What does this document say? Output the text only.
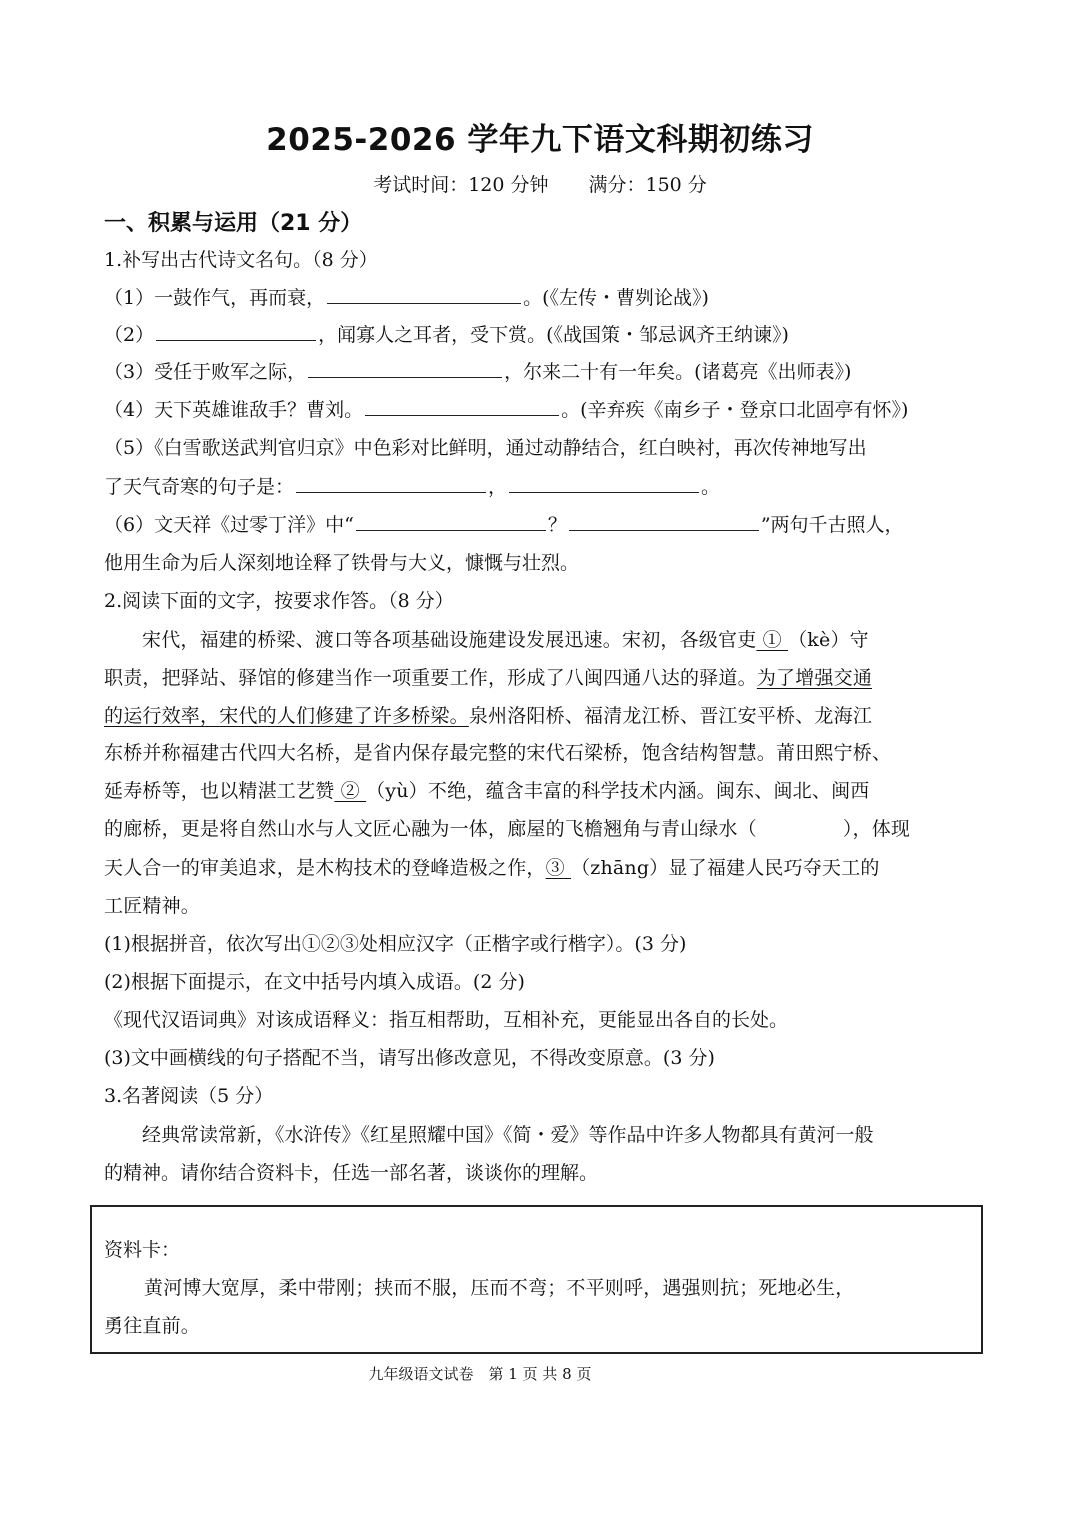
2025-2026 学年九下语文科期初练习
考试时间：120 分钟 满分：150 分
一、积累与运用（21 分）
1.补写出古代诗文名句。（8 分）
（1）一鼓作气，再而衰，	。(《左传・曹刿论战》)
（2）	，闻寡人之耳者，受下赏。(《战国策・邹忌讽齐王纳谏》)
（3）受任于败军之际，	，尔来二十有一年矣。(诸葛亮《出师表》)
（4）天下英雄谁敌手？曹刘。	。(辛弃疾《南乡子・登京口北固亭有怀》)
（5）《白雪歌送武判官归京》中色彩对比鲜明，通过动静结合，红白映衬，再次传神地写出
了天气奇寒的句子是：	，	。
（6）文天祥《过零丁洋》中“	？	”两句千古照人，
他用生命为后人深刻地诠释了铁骨与大义，慷慨与壮烈。
2.阅读下面的文字，按要求作答。（8 分）
宋代，福建的桥梁、渡口等各项基础设施建设发展迅速。宋初，各级官吏 ① （kè）守
职责，把驿站、驿馆的修建当作一项重要工作，形成了八闽四通八达的驿道。为了增强交通
的运行效率，宋代的人们修建了许多桥梁。泉州洛阳桥、福清龙江桥、晋江安平桥、龙海江
东桥并称福建古代四大名桥，是省内保存最完整的宋代石梁桥，饱含结构智慧。莆田熙宁桥、
延寿桥等，也以精湛工艺赞 ② （yù）不绝，蕴含丰富的科学技术内涵。闽东、闽北、闽西
的廊桥，更是将自然山水与人文匠心融为一体，廊屋的飞檐翘角与青山绿水（	），体现
天人合一的审美追求，是木构技术的登峰造极之作，③ （zhāng）显了福建人民巧夺天工的
工匠精神。
(1)根据拼音，依次写出①②③处相应汉字（正楷字或行楷字）。(3 分)
(2)根据下面提示，在文中括号内填入成语。(2 分)
《现代汉语词典》对该成语释义：指互相帮助，互相补充，更能显出各自的长处。
(3)文中画横线的句子搭配不当，请写出修改意见，不得改变原意。(3 分)
3.名著阅读（5 分）
经典常读常新，《水浒传》《红星照耀中国》《简・爱》等作品中许多人物都具有黄河一般
的精神。请你结合资料卡，任选一部名著，谈谈你的理解。
资料卡：
黄河博大宽厚，柔中带刚；挟而不服，压而不弯；不平则呼，遇强则抗；死地必生，
勇往直前。
九年级语文试卷　第 1 页 共 8 页
